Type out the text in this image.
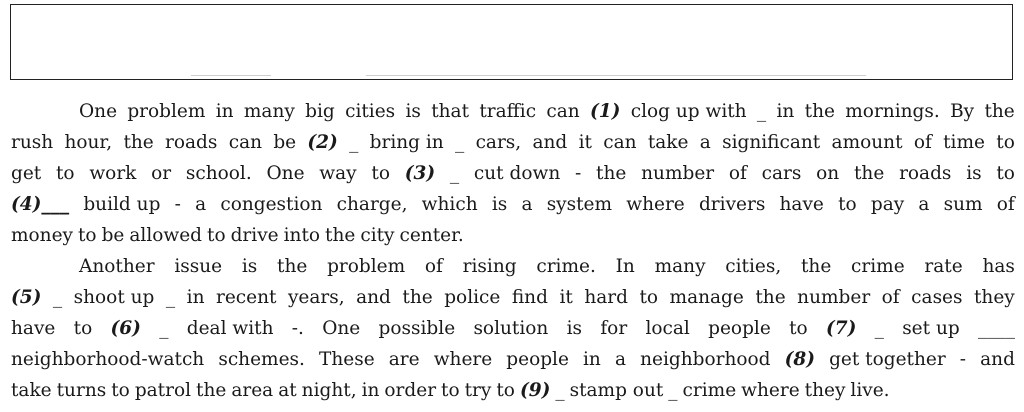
One problem in many big cities is that traffic can (1) clog up with _ in the mornings. By the
rush hour, the roads can be (2) _ bring in _ cars, and it can take a significant amount of time to
get to work or school. One way to (3) _ cut down - the number of cars on the roads is to
(4)___ build up - a congestion charge, which is a system where drivers have to pay a sum of
money to be allowed to drive into the city center.
Another issue is the problem of rising crime. In many cities, the crime rate has
(5) _ shoot up _ in recent years, and the police find it hard to manage the number of cases they
have to (6) _ deal with -. One possible solution is for local people to (7) _ set up ____
neighborhood-watch schemes. These are where people in a neighborhood (8) get together - and
take turns to patrol the area at night, in order to try to (9) _ stamp out _ crime where they live.
